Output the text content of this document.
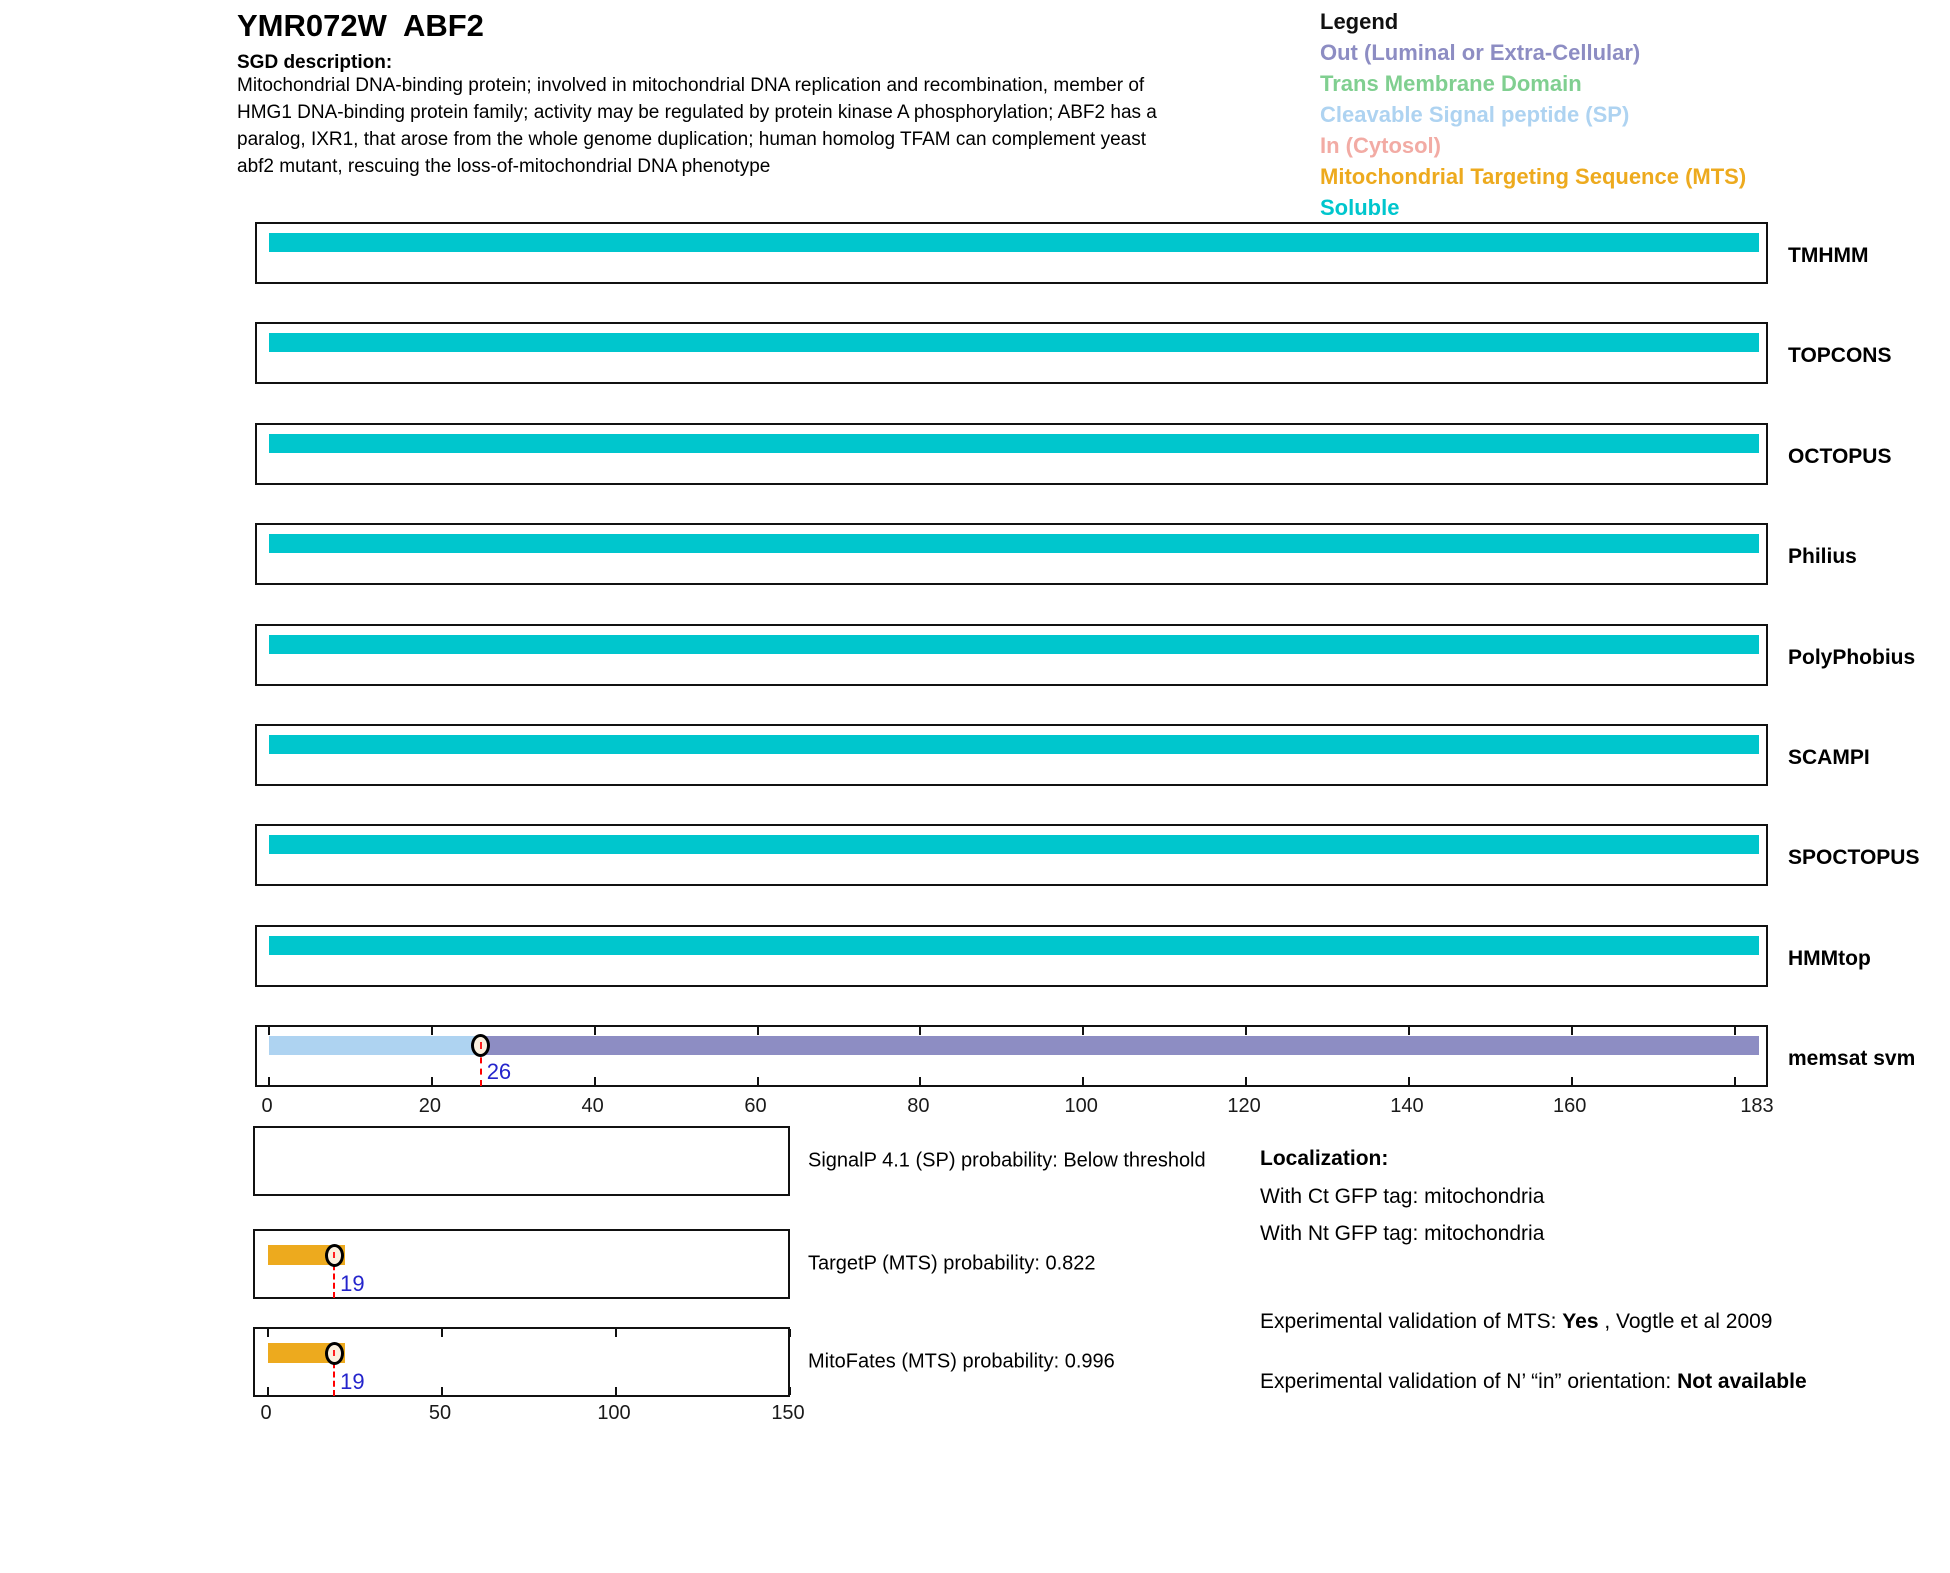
YMR072W  ABF2
SGD description:
Mitochondrial DNA-binding protein; involved in mitochondrial DNA replication and recombination, member of
HMG1 DNA-binding protein family; activity may be regulated by protein kinase A phosphorylation; ABF2 has a
paralog, IXR1, that arose from the whole genome duplication; human homolog TFAM can complement yeast
abf2 mutant, rescuing the loss-of-mitochondrial DNA phenotype
Legend
Out (Luminal or Extra-Cellular)
Trans Membrane Domain
Cleavable Signal peptide (SP)
In (Cytosol)
Mitochondrial Targeting Sequence (MTS)
Soluble
TMHMM
TOPCONS
OCTOPUS
Philius
PolyPhobius
SCAMPI
SPOCTOPUS
HMMtop
26
memsat svm
0	20	40	60	80	100	120	140	160	183
SignalP 4.1 (SP) probability: Below threshold
19
TargetP (MTS) probability: 0.822
19
MitoFates (MTS) probability: 0.996
0	50	100	150
Localization:
With Ct GFP tag: mitochondria
With Nt GFP tag: mitochondria
Experimental validation of MTS: Yes , Vogtle et al 2009
Experimental validation of N’ “in” orientation: Not available
